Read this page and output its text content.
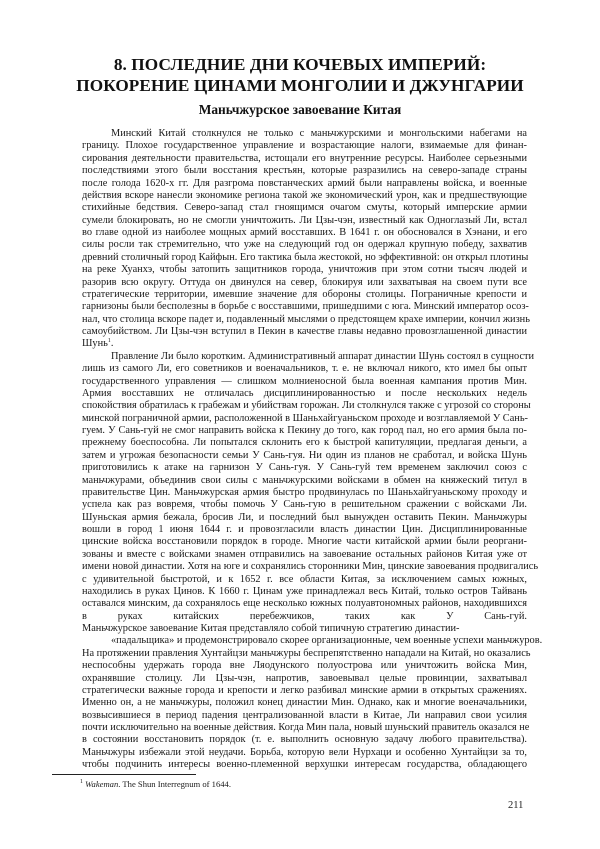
8. ПОСЛЕДНИЕ ДНИ КОЧЕВЫХ ИМПЕРИЙ:
ПОКОРЕНИЕ ЦИНАМИ МОНГОЛИИ И ДЖУНГАРИИ
Маньчжурское завоевание Китая
Минский Китай столкнулся не только с маньчжурскими и монгольскими набегами на
границу. Плохое государственное управление и возрастающие налоги, взимаемые для финан-
сирования деятельности правительства, истощали его внутренние ресурсы. Наиболее серьезными
последствиями этого были восстания крестьян, которые разразились на северо-западе страны
после голода 1620-х гг. Для разгрома повстанческих армий были направлены войска, и военные
действия вскоре нанесли экономике региона такой же экономический урон, как и предшествующие
стихийные бедствия. Северо-запад стал гноящимся очагом смуты, который имперские армии
сумели блокировать, но не смогли уничтожить. Ли Цзы-чэн, известный как Одноглазый Ли, встал
во главе одной из наиболее мощных армий восставших. В 1641 г. он обосновался в Хэнани, и его
силы росли так стремительно, что уже на следующий год он одержал крупную победу, захватив
древний столичный город Кайфын. Его тактика была жестокой, но эффективной: он открыл плотины
на реке Хуанхэ, чтобы затопить защитников города, уничтожив при этом сотни тысяч людей и
разорив всю округу. Оттуда он двинулся на север, блокируя или захватывая на своем пути все
стратегические территории, имевшие значение для обороны столицы. Пограничные крепости и
гарнизоны были бесполезны в борьбе с восставшими, пришедшими с юга. Минский император осоз-
нал, что столица вскоре падет и, подавленный мыслями о предстоящем крахе империи, кончил жизнь
самоубийством. Ли Цзы-чэн вступил в Пекин в качестве главы недавно провозглашенной династии
Шунь$^1$.
Правление Ли было коротким. Административный аппарат династии Шунь состоял в сущности
лишь из самого Ли, его советников и военачальников, т. е. не включал никого, кто имел бы опыт
государственного управления — слишком молниеносной была военная кампания против Мин.
Армия восставших не отличалась дисциплинированностью и после нескольких недель
спокойствия обратилась к грабежам и убийствам горожан. Ли столкнулся также с угрозой со стороны
минской пограничной армии, расположенной в Шаньхайгуаньском проходе и возглавляемой У Сань-
гуем. У Сань-гуй не смог направить войска к Пекину до того, как город пал, но его армия была по-
прежнему боеспособна. Ли попытался склонить его к быстрой капитуляции, предлагая деньги, а
затем и угрожая безопасности семьи У Сань-гуя. Ни один из планов не сработал, и войска Шунь
приготовились к атаке на гарнизон У Сань-гуя. У Сань-гуй тем временем заключил союз с
маньчжурами, объединив свои силы с маньчжурскими войсками в обмен на княжеский титул в
правительстве Цин. Маньчжурская армия быстро продвинулась по Шаньхайгуаньскому проходу и
успела как раз вовремя, чтобы помочь У Сань-гую в решительном сражении с войсками Ли.
Шуньская армия бежала, бросив Ли, и последний был вынужден оставить Пекин. Маньчжуры
вошли в город 1 июня 1644 г. и провозгласили власть династии Цин. Дисциплинированные
цинские войска восстановили порядок в городе. Многие части китайской армии были реоргани-
зованы и вместе с войсками знамен отправились на завоевание остальных районов Китая уже от
имени новой династии. Хотя на юге и сохранялись сторонники Мин, цинские завоевания продвигались
с удивительной быстротой, и к 1652 г. все области Китая, за исключением самых южных,
находились в руках Цинов. К 1660 г. Цинам уже принадлежал весь Китай, только остров Тайвань
оставался минским, да сохранялось еще несколько южных полуавтономных районов, находившихся
в руках китайских перебежчиков, таких как У Сань-гуй.
Маньчжурское завоевание Китая представляло собой типичную стратегию династии-
«падальщика» и продемонстрировало скорее организационные, чем военные успехи маньчжуров.
На протяжении правления Хунтайцзи маньчжуры беспрепятственно нападали на Китай, но оказались
неспособны удержать города вне Ляодунского полуострова или уничтожить войска Мин,
охранявшие столицу. Ли Цзы-чэн, напротив, завоевывал целые провинции, захватывал
стратегически важные города и крепости и легко разбивал минские армии в открытых сражениях.
Именно он, а не маньчжуры, положил конец династии Мин. Однако, как и многие военачальники,
возвысившиеся в период падения централизованной власти в Китае, Ли направил свои усилия
почти исключительно на военные действия. Когда Мин пала, новый шуньский правитель оказался не
в состоянии восстановить порядок (т. е. выполнить основную задачу любого правительства).
Маньчжуры избежали этой неудачи. Борьба, которую вели Нурхаци и особенно Хунтайцзи за то,
чтобы подчинить интересы военно-племенной верхушки интересам государства, обладающего
$^1$ Wakeman. The Shun Interregnum of 1644.
211
